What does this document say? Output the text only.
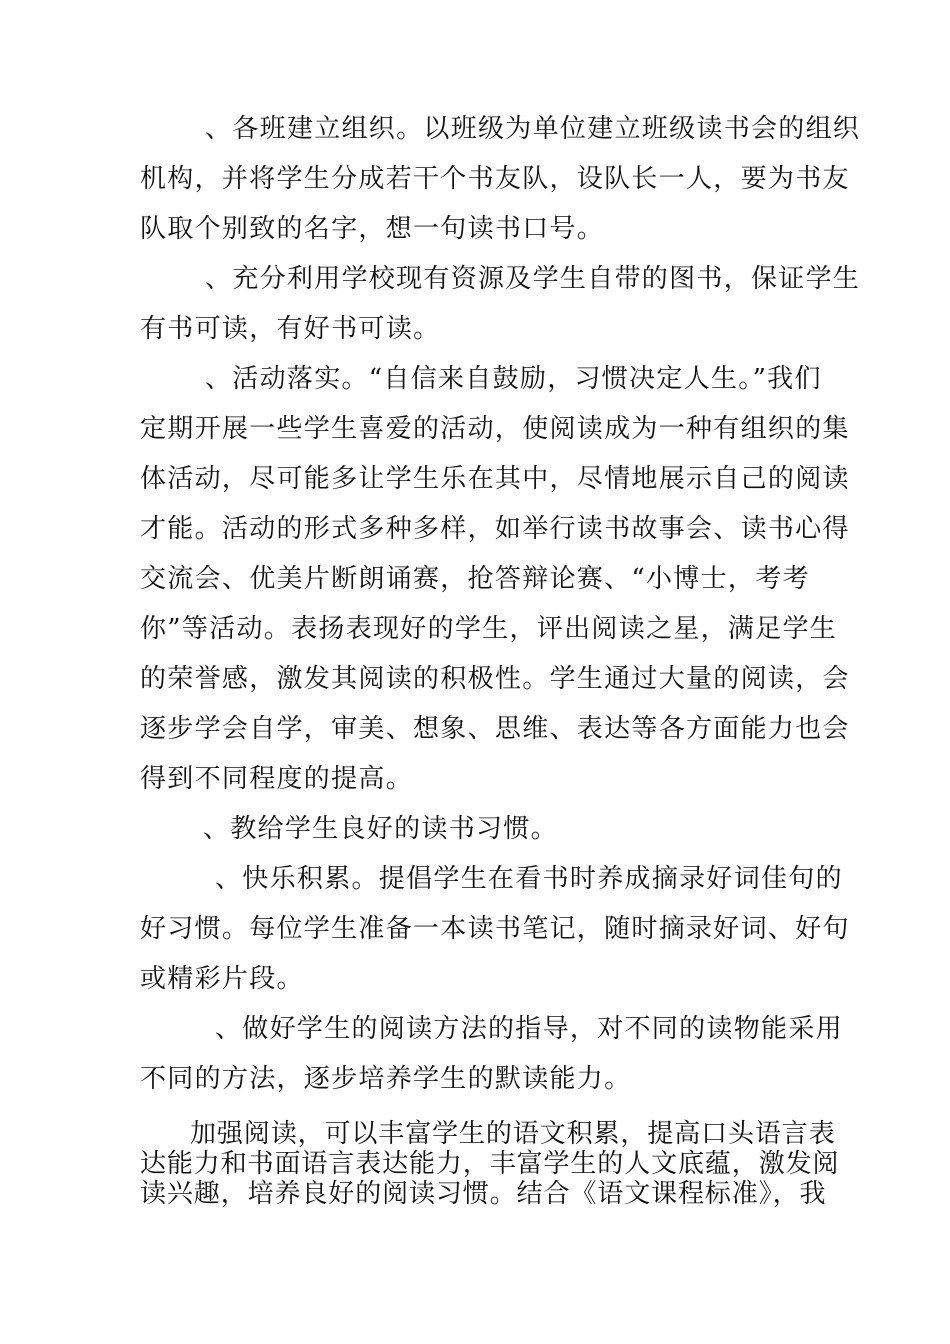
、各班建立组织。以班级为单位建立班级读书会的组织
机构，并将学生分成若干个书友队，设队长一人，要为书友
队取个别致的名字，想一句读书口号。
、充分利用学校现有资源及学生自带的图书，保证学生
有书可读，有好书可读。
、活动落实。“自信来自鼓励，习惯决定人生。”我们
定期开展一些学生喜爱的活动，使阅读成为一种有组织的集
体活动，尽可能多让学生乐在其中，尽情地展示自己的阅读
才能。活动的形式多种多样，如举行读书故事会、读书心得
交流会、优美片断朗诵赛，抢答辩论赛、“小博士，考考
你”等活动。表扬表现好的学生，评出阅读之星，满足学生
的荣誉感，激发其阅读的积极性。学生通过大量的阅读，会
逐步学会自学，审美、想象、思维、表达等各方面能力也会
得到不同程度的提高。
、教给学生良好的读书习惯。
、快乐积累。提倡学生在看书时养成摘录好词佳句的
好习惯。每位学生准备一本读书笔记，随时摘录好词、好句
或精彩片段。
、做好学生的阅读方法的指导，对不同的读物能采用
不同的方法，逐步培养学生的默读能力。
加强阅读，可以丰富学生的语文积累，提高口头语言表
达能力和书面语言表达能力，丰富学生的人文底蕴，激发阅
读兴趣，培养良好的阅读习惯。结合《语文课程标准》，我
